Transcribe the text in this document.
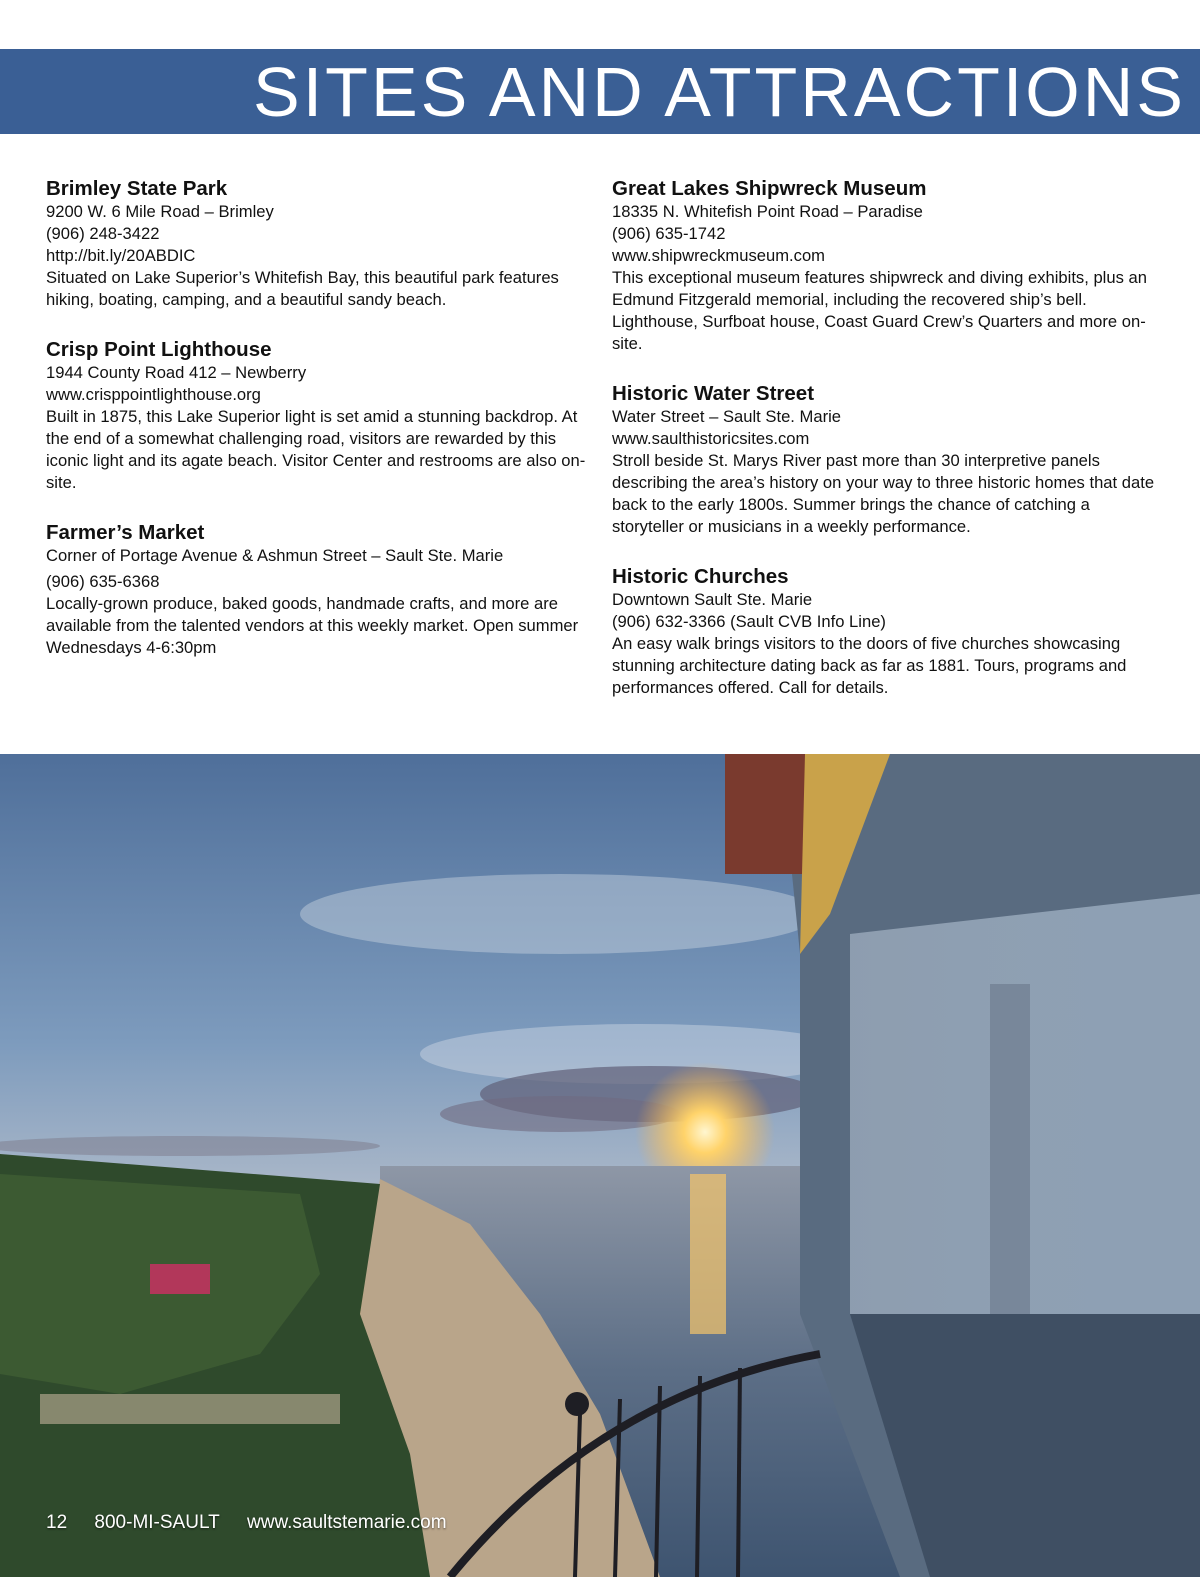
SITES AND ATTRACTIONS
Brimley State Park

9200 W. 6 Mile Road – Brimley

(906) 248-3422

http://bit.ly/20ABDIC

Situated on Lake Superior’s Whitefish Bay, this beautiful park features hiking, boating, camping, and a beautiful sandy beach.

Crisp Point Lighthouse

1944 County Road 412 – Newberry

www.crisppointlighthouse.org

Built in 1875, this Lake Superior light is set amid a stunning backdrop. At the end of a somewhat challenging road, visitors are rewarded by this iconic light and its agate beach. Visitor Center and restrooms are also on-site.

Farmer’s Market

Corner of Portage Avenue & Ashmun Street – Sault Ste. Marie

(906) 635-6368

Locally-grown produce, baked goods, handmade crafts, and more are available from the talented vendors at this weekly market. Open summer Wednesdays 4-6:30pm

Great Lakes Shipwreck Museum

18335 N. Whitefish Point Road – Paradise

(906) 635-1742

www.shipwreckmuseum.com

This exceptional museum features shipwreck and diving exhibits, plus an Edmund Fitzgerald memorial, including the recovered ship’s bell. Lighthouse, Surfboat house, Coast Guard Crew’s Quarters and more on-site.

Historic Water Street

Water Street – Sault Ste. Marie

www.saulthistoricsites.com

Stroll beside St. Marys River past more than 30 interpretive panels describing the area’s history on your way to three historic homes that date back to the early 1800s. Summer brings the chance of catching a storyteller or musicians in a weekly performance.

Historic Churches

Downtown Sault Ste. Marie

(906) 632-3366 (Sault CVB Info Line)

An easy walk brings visitors to the doors of five churches showcasing stunning architecture dating back as far as 1881. Tours, programs and performances offered. Call for details.

12 800-MI-SAULT www.saultstemarie.com
